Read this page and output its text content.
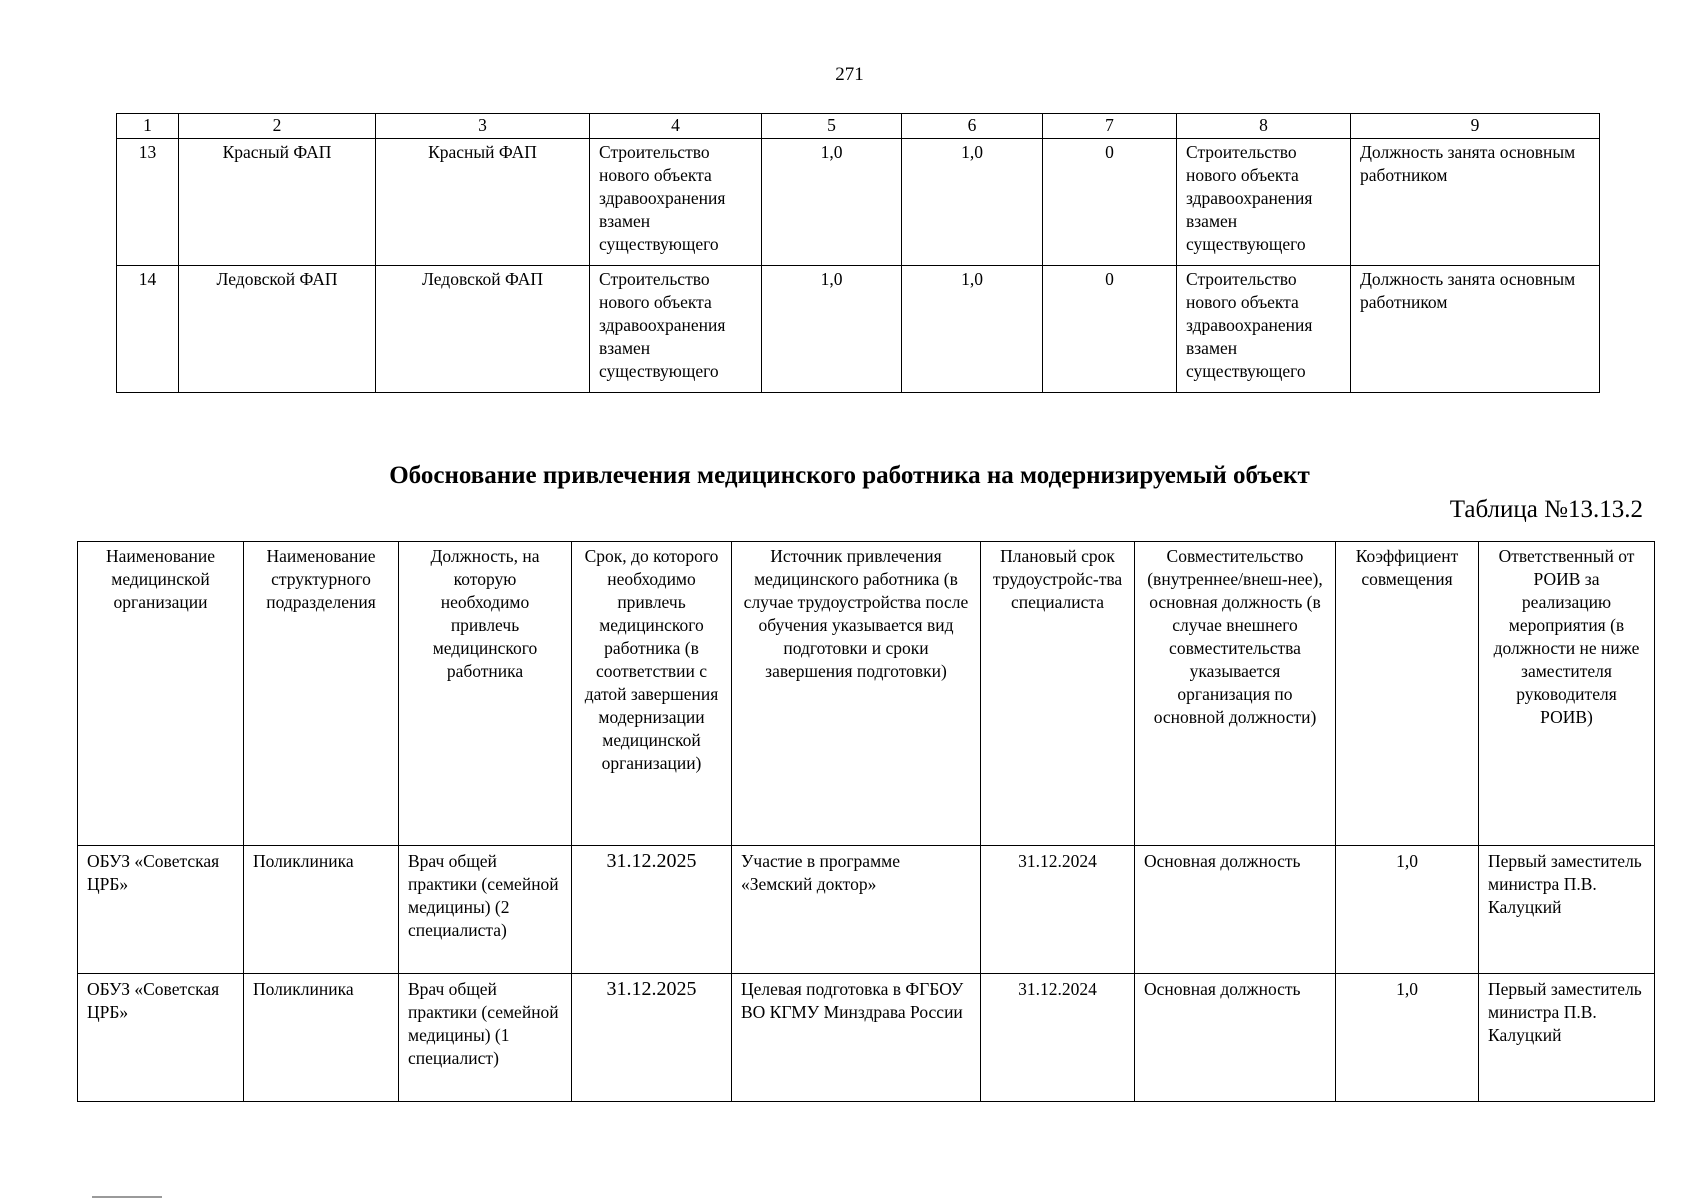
271
1	2	3	4	5	6	7	8	9
13	Красный ФАП	Красный ФАП	Строительство нового объекта здравоохранения взамен существующего	1,0	1,0	0	Строительство нового объекта здравоохранения взамен существующего	Должность занята основным работником
14	Ледовской ФАП	Ледовской ФАП	Строительство нового объекта здравоохранения взамен существующего	1,0	1,0	0	Строительство нового объекта здравоохранения взамен существующего	Должность занята основным работником
Обоснование привлечения медицинского работника на модернизируемый объект
Таблица №13.13.2
Наименование медицинской организации	Наименование структурного подразделения	Должность, на которую необходимо привлечь медицинского работника	Срок, до которого необходимо привлечь медицинского работника (в соответствии с датой завершения модернизации медицинской организации)	Источник привлечения медицинского работника (в случае трудоустройства после обучения указывается вид подготовки и сроки завершения подготовки)	Плановый срок трудоустройс-тва специалиста	Совместительство (внутреннее/внеш-нее), основная должность (в случае внешнего совместительства указывается организация по основной должности)	Коэффициент совмещения	Ответственный от РОИВ за реализацию мероприятия (в должности не ниже заместителя руководителя РОИВ)
ОБУЗ «Советская ЦРБ»	Поликлиника	Врач общей практики (семейной медицины) (2 специалиста)	31.12.2025	Участие в программе «Земский доктор»	31.12.2024	Основная должность	1,0	Первый заместитель министра П.В. Калуцкий
ОБУЗ «Советская ЦРБ»	Поликлиника	Врач общей практики (семейной медицины) (1 специалист)	31.12.2025	Целевая подготовка в ФГБОУ ВО КГМУ Минздрава России	31.12.2024	Основная должность	1,0	Первый заместитель министра П.В. Калуцкий
